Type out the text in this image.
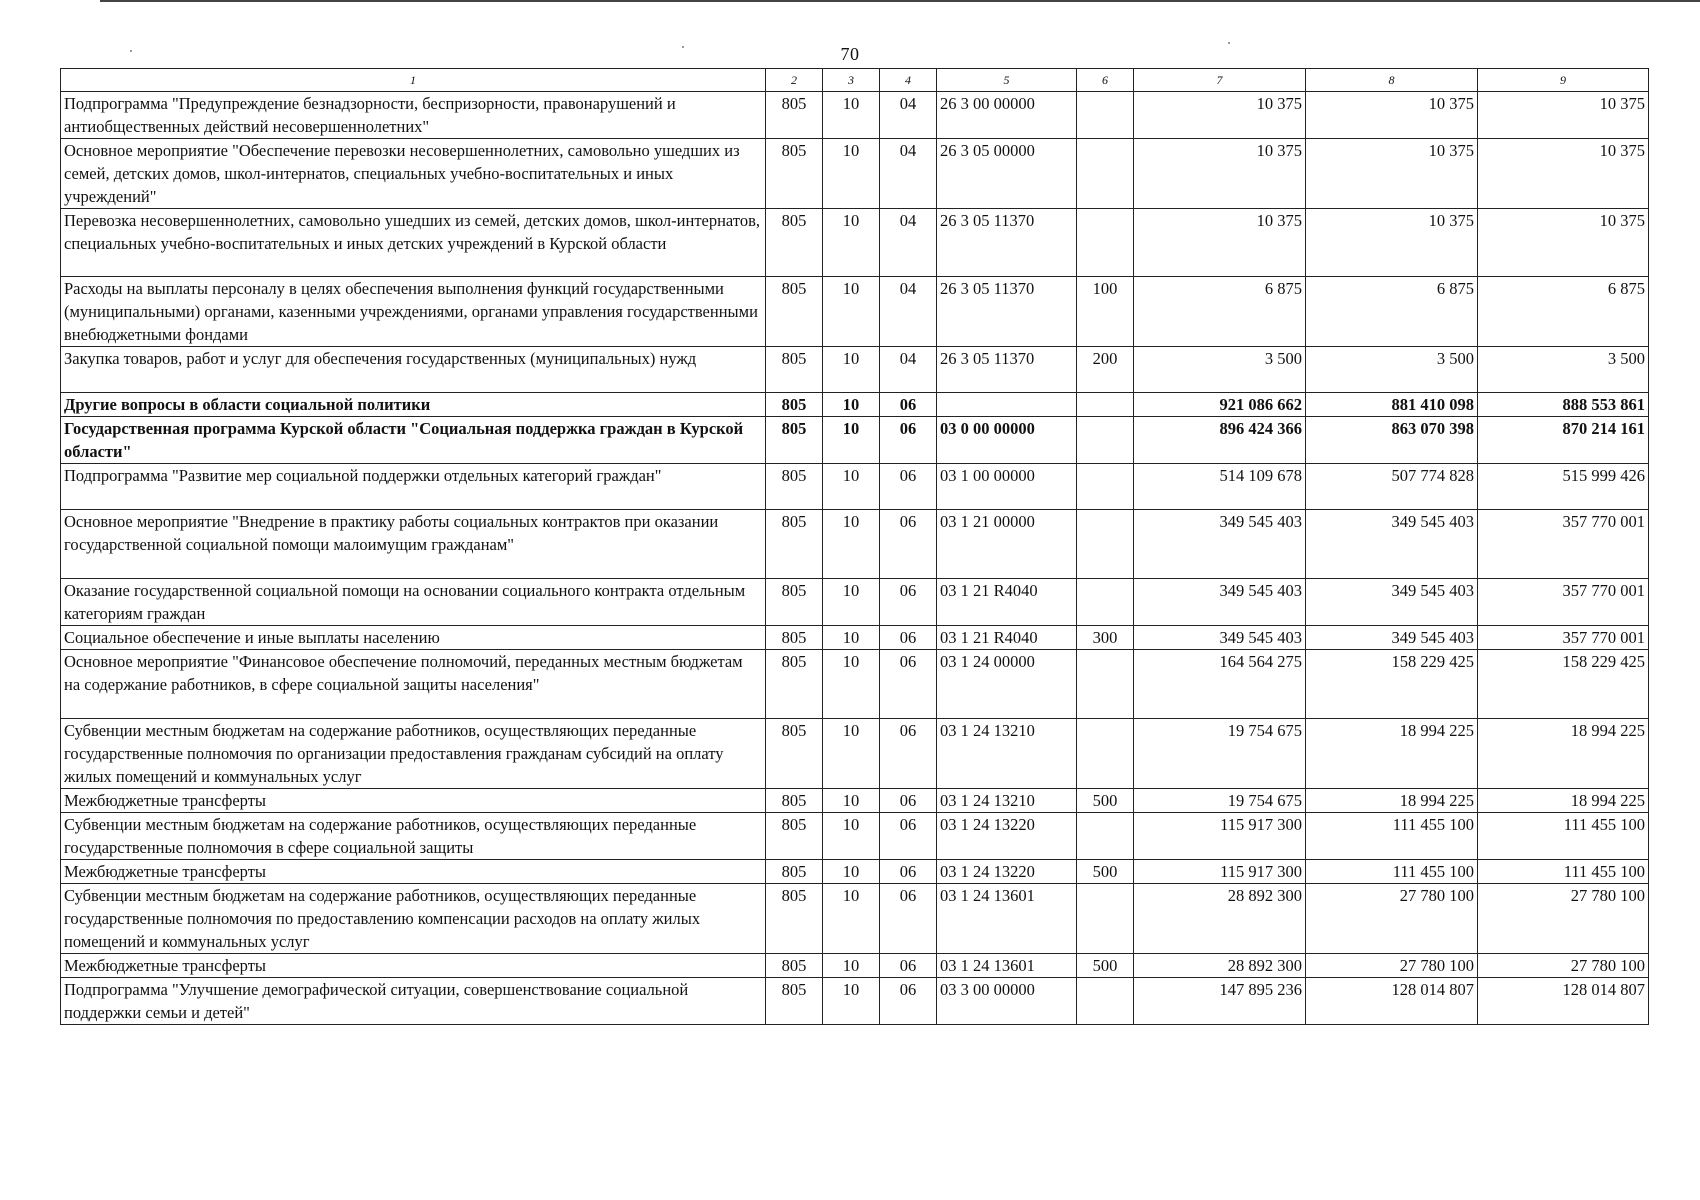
70
1	2	3	4	5	6	7	8	9
Подпрограмма "Предупреждение безнадзорности, беспризорности, правонарушений и антиобщественных действий несовершеннолетних"	805	10	04	26 3 00 00000		10 375	10 375	10 375
Основное мероприятие "Обеспечение перевозки несовершеннолетних, самовольно ушедших из семей, детских домов, школ-интернатов, специальных учебно-воспитательных и иных учреждений"	805	10	04	26 3 05 00000		10 375	10 375	10 375
Перевозка несовершеннолетних, самовольно ушедших из семей, детских домов, школ-интернатов, специальных учебно-воспитательных и иных детских учреждений в Курской области	805	10	04	26 3 05 11370		10 375	10 375	10 375
Расходы на выплаты персоналу в целях обеспечения выполнения функций государственными (муниципальными) органами, казенными учреждениями, органами управления государственными внебюджетными фондами	805	10	04	26 3 05 11370	100	6 875	6 875	6 875
Закупка товаров, работ и услуг для обеспечения государственных (муниципальных) нужд	805	10	04	26 3 05 11370	200	3 500	3 500	3 500
Другие вопросы в области социальной политики	805	10	06			921 086 662	881 410 098	888 553 861
Государственная программа Курской области "Социальная поддержка граждан в Курской области"	805	10	06	03 0 00 00000		896 424 366	863 070 398	870 214 161
Подпрограмма "Развитие мер социальной поддержки отдельных категорий граждан"	805	10	06	03 1 00 00000		514 109 678	507 774 828	515 999 426
Основное мероприятие "Внедрение в практику работы социальных контрактов при оказании государственной социальной помощи малоимущим гражданам"	805	10	06	03 1 21 00000		349 545 403	349 545 403	357 770 001
Оказание государственной социальной помощи на основании социального контракта отдельным категориям граждан	805	10	06	03 1 21 R4040		349 545 403	349 545 403	357 770 001
Социальное обеспечение и иные выплаты населению	805	10	06	03 1 21 R4040	300	349 545 403	349 545 403	357 770 001
Основное мероприятие "Финансовое обеспечение полномочий, переданных местным бюджетам на содержание работников, в сфере социальной защиты населения"	805	10	06	03 1 24 00000		164 564 275	158 229 425	158 229 425
Субвенции местным бюджетам на содержание работников, осуществляющих переданные государственные полномочия по организации предоставления гражданам субсидий на оплату жилых помещений и коммунальных услуг	805	10	06	03 1 24 13210		19 754 675	18 994 225	18 994 225
Межбюджетные трансферты	805	10	06	03 1 24 13210	500	19 754 675	18 994 225	18 994 225
Субвенции местным бюджетам на содержание работников, осуществляющих переданные государственные полномочия в сфере социальной защиты	805	10	06	03 1 24 13220		115 917 300	111 455 100	111 455 100
Межбюджетные трансферты	805	10	06	03 1 24 13220	500	115 917 300	111 455 100	111 455 100
Субвенции местным бюджетам на содержание работников, осуществляющих переданные государственные полномочия по предоставлению компенсации расходов на оплату жилых помещений и коммунальных услуг	805	10	06	03 1 24 13601		28 892 300	27 780 100	27 780 100
Межбюджетные трансферты	805	10	06	03 1 24 13601	500	28 892 300	27 780 100	27 780 100
Подпрограмма "Улучшение демографической ситуации, совершенствование социальной поддержки семьи и детей"	805	10	06	03 3 00 00000		147 895 236	128 014 807	128 014 807
